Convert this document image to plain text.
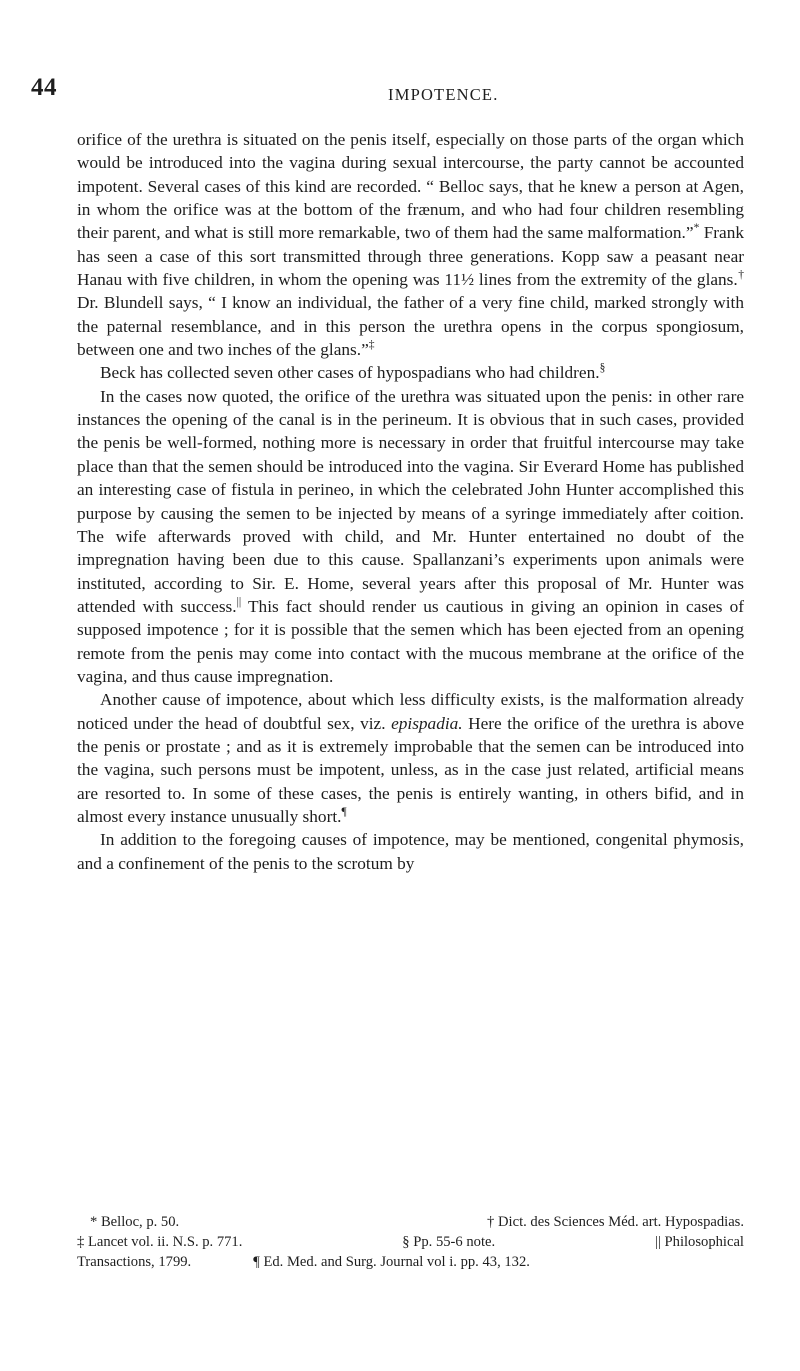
44	IMPOTENCE.

orifice of the urethra is situated on the penis itself, especially on those parts of the organ which would be introduced into the vagina during sexual intercourse, the party cannot be accounted impotent. Several cases of this kind are recorded. “ Belloc says, that he knew a person at Agen, in whom the orifice was at the bottom of the frænum, and who had four children resembling their parent, and what is still more remarkable, two of them had the same malformation.”* Frank has seen a case of this sort transmitted through three generations. Kopp saw a peasant near Hanau with five children, in whom the opening was 11½ lines from the extremity of the glans.† Dr. Blundell says, “ I know an individual, the father of a very fine child, marked strongly with the paternal resemblance, and in this person the urethra opens in the corpus spongiosum, between one and two inches of the glans.”‡

Beck has collected seven other cases of hypospadians who had children.§

In the cases now quoted, the orifice of the urethra was situated upon the penis: in other rare instances the opening of the canal is in the perineum. It is obvious that in such cases, provided the penis be well-formed, nothing more is necessary in order that fruitful intercourse may take place than that the semen should be introduced into the vagina. Sir Everard Home has published an interesting case of fistula in perineo, in which the celebrated John Hunter accomplished this purpose by causing the semen to be injected by means of a syringe immediately after coition. The wife afterwards proved with child, and Mr. Hunter entertained no doubt of the impregnation having been due to this cause. Spallanzani’s experiments upon animals were instituted, according to Sir. E. Home, several years after this proposal of Mr. Hunter was attended with success.|| This fact should render us cautious in giving an opinion in cases of supposed impotence ; for it is possible that the semen which has been ejected from an opening remote from the penis may come into contact with the mucous membrane at the orifice of the vagina, and thus cause impregnation.

Another cause of impotence, about which less difficulty exists, is the malformation already noticed under the head of doubtful sex, viz. epispadia. Here the orifice of the urethra is above the penis or prostate ; and as it is extremely improbable that the semen can be introduced into the vagina, such persons must be impotent, unless, as in the case just related, artificial means are resorted to. In some of these cases, the penis is entirely wanting, in others bifid, and in almost every instance unusually short.¶

In addition to the foregoing causes of impotence, may be mentioned, congenital phymosis, and a confinement of the penis to the scrotum by

* Belloc, p. 50.	† Dict. des Sciences Méd. art. Hypospadias.
‡ Lancet vol. ii. N.S. p. 771.	§ Pp. 55-6 note.	|| Philosophical
Transactions, 1799.	¶ Ed. Med. and Surg. Journal vol i. pp. 43, 132.
